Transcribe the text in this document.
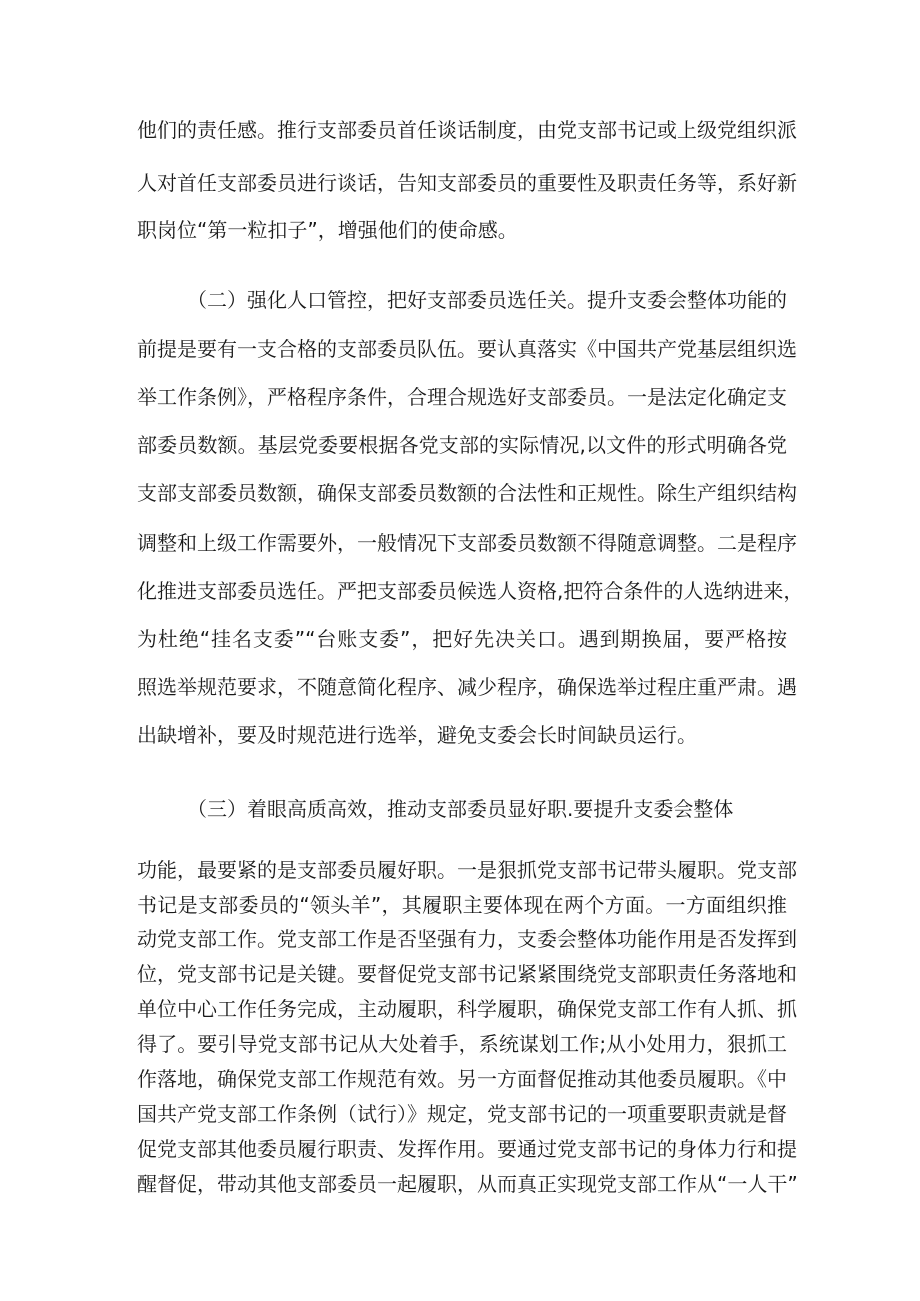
他们的责任感。推行支部委员首任谈话制度，由党支部书记或上级党组织派

人对首任支部委员进行谈话，告知支部委员的重要性及职责任务等，系好新

职岗位“第一粒扣子”，增强他们的使命感。

（二）强化人口管控，把好支部委员选任关。提升支委会整体功能的

前提是要有一支合格的支部委员队伍。要认真落实《中国共产党基层组织选

举工作条例》，严格程序条件，合理合规选好支部委员。一是法定化确定支

部委员数额。基层党委要根据各党支部的实际情况,以文件的形式明确各党

支部支部委员数额，确保支部委员数额的合法性和正规性。除生产组织结构

调整和上级工作需要外，一般情况下支部委员数额不得随意调整。二是程序

化推进支部委员选任。严把支部委员候选人资格,把符合条件的人选纳进来，

为杜绝“挂名支委”“台账支委”，把好先决关口。遇到期换届，要严格按

照选举规范要求，不随意简化程序、减少程序，确保选举过程庄重严肃。遇

出缺增补，要及时规范进行选举，避免支委会长时间缺员运行。

（三）着眼高质高效，推动支部委员显好职.要提升支委会整体

功能，最要紧的是支部委员履好职。一是狠抓党支部书记带头履职。党支部

书记是支部委员的“领头羊”，其履职主要体现在两个方面。一方面组织推

动党支部工作。党支部工作是否坚强有力，支委会整体功能作用是否发挥到

位，党支部书记是关键。要督促党支部书记紧紧围绕党支部职责任务落地和

单位中心工作任务完成，主动履职，科学履职，确保党支部工作有人抓、抓

得了。要引导党支部书记从大处着手，系统谋划工作;从小处用力，狠抓工

作落地，确保党支部工作规范有效。另一方面督促推动其他委员履职。《中

国共产党支部工作条例（试行）》规定，党支部书记的一项重要职责就是督

促党支部其他委员履行职责、发挥作用。要通过党支部书记的身体力行和提

醒督促，带动其他支部委员一起履职，从而真正实现党支部工作从“一人干”
